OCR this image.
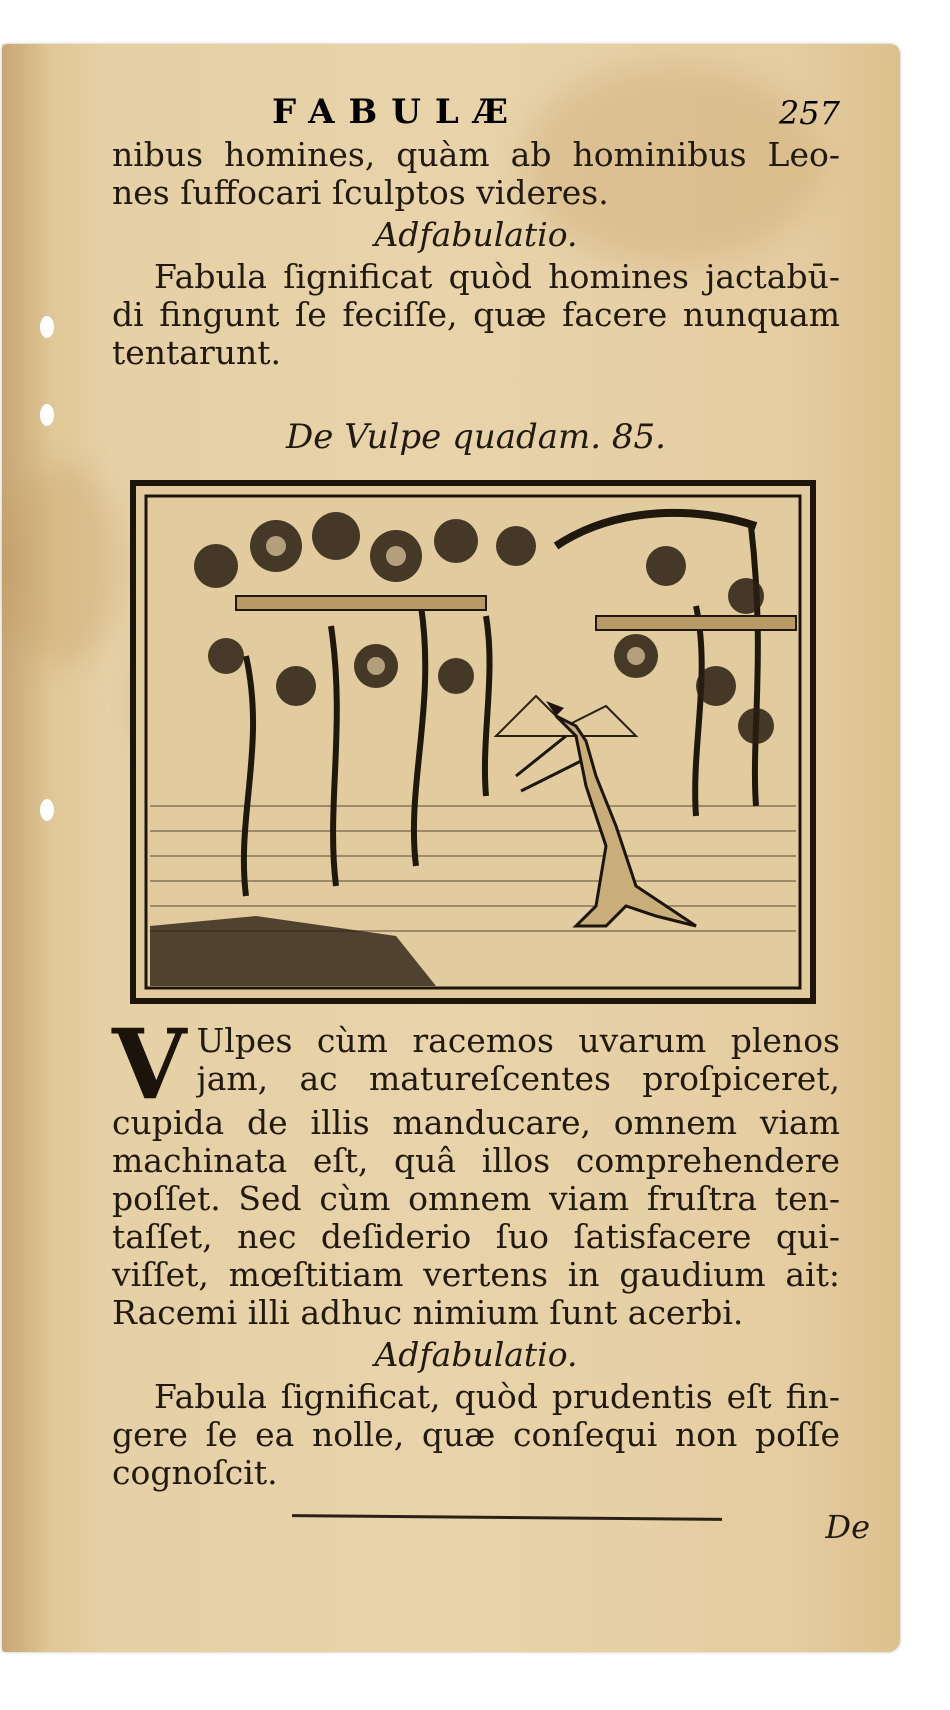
FABULÆ	257
nibus homines, quàm ab hominibus Leo-
nes ſuffocari ſculptos videres.
Adfabulatio.
Fabula ſignificat quòd homines jactabū-
di fingunt ſe feciſſe, quæ facere nunquam
tentarunt.
De Vulpe quadam. 85.
V Ulpes cùm racemos uvarum plenos
jam, ac matureſcentes proſpiceret,
cupida de illis manducare, omnem viam
machinata eſt, quâ illos comprehendere
poſſet. Sed cùm omnem viam fruſtra ten-
taſſet, nec deſiderio ſuo ſatisfacere qui-
viſſet, mœſtitiam vertens in gaudium ait:
Racemi illi adhuc nimium ſunt acerbi.
Adfabulatio.
Fabula ſignificat, quòd prudentis eſt fin-
gere ſe ea nolle, quæ conſequi non poſſe
cognoſcit.
De
